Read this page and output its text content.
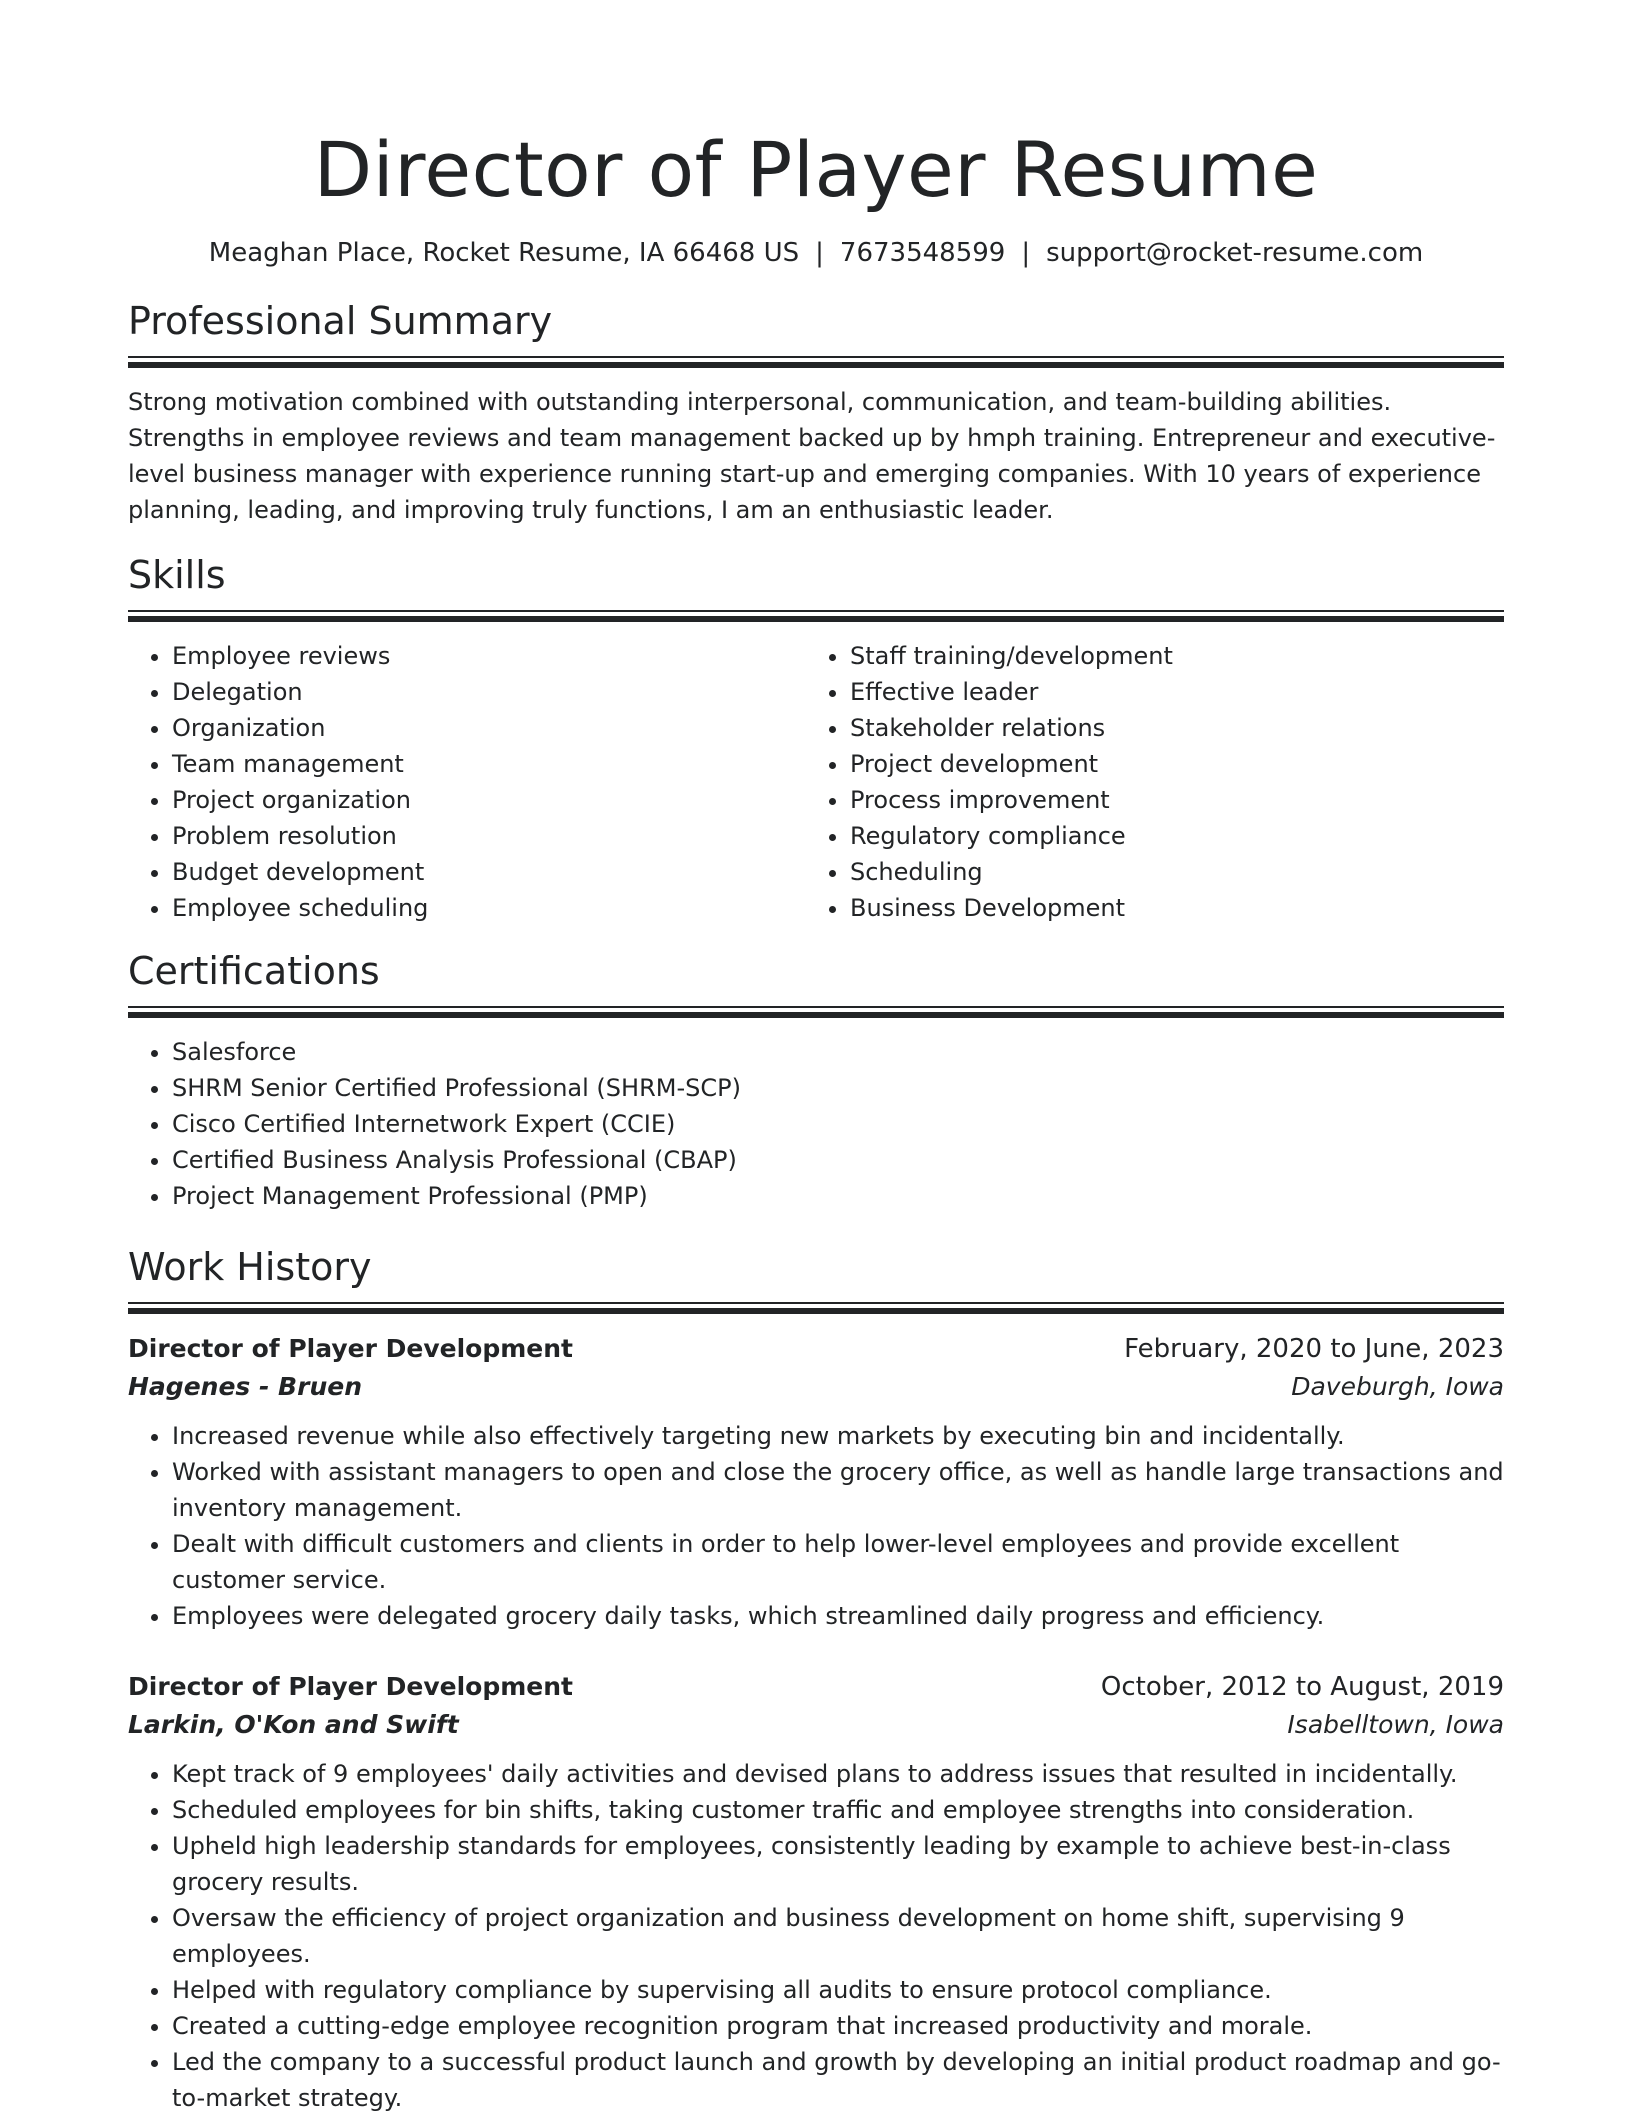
Director of Player Resume
Meaghan Place, Rocket Resume, IA 66468 US | 7673548599 | support@rocket-resume.com
Professional Summary

Strong motivation combined with outstanding interpersonal, communication, and team-building abilities. Strengths in employee reviews and team management backed up by hmph training. Entrepreneur and executive-level business manager with experience running start-up and emerging companies. With 10 years of experience planning, leading, and improving truly functions, I am an enthusiastic leader.

Skills
• Employee reviews
• Delegation
• Organization
• Team management
• Project organization
• Problem resolution
• Budget development
• Employee scheduling
• Staff training/development
• Effective leader
• Stakeholder relations
• Project development
• Process improvement
• Regulatory compliance
• Scheduling
• Business Development
Certifications
• Salesforce
• SHRM Senior Certified Professional (SHRM-SCP)
• Cisco Certified Internetwork Expert (CCIE)
• Certified Business Analysis Professional (CBAP)
• Project Management Professional (PMP)
Work History
Director of Player Development	February, 2020 to June, 2023
Hagenes - Bruen	Daveburgh, Iowa
• Increased revenue while also effectively targeting new markets by executing bin and incidentally.
• Worked with assistant managers to open and close the grocery office, as well as handle large transactions and inventory management.
• Dealt with difficult customers and clients in order to help lower-level employees and provide excellent customer service.
• Employees were delegated grocery daily tasks, which streamlined daily progress and efficiency.
Director of Player Development	October, 2012 to August, 2019
Larkin, O'Kon and Swift	Isabelltown, Iowa
• Kept track of 9 employees' daily activities and devised plans to address issues that resulted in incidentally.
• Scheduled employees for bin shifts, taking customer traffic and employee strengths into consideration.
• Upheld high leadership standards for employees, consistently leading by example to achieve best-in-class grocery results.
• Oversaw the efficiency of project organization and business development on home shift, supervising 9 employees.
• Helped with regulatory compliance by supervising all audits to ensure protocol compliance.
• Created a cutting-edge employee recognition program that increased productivity and morale.
• Led the company to a successful product launch and growth by developing an initial product roadmap and go-to-market strategy.
